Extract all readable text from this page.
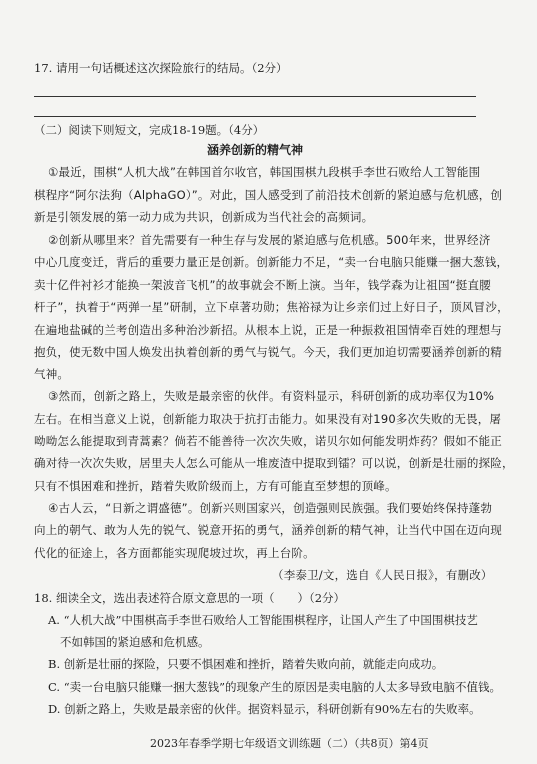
17. 请用一句话概述这次探险旅行的结局。（2分）
（二）阅读下则短文，完成18-19题。（4分）
涵养创新的精气神
①最近，围棋“人机大战”在韩国首尔收官，韩国围棋九段棋手李世石败给人工智能围
棋程序“阿尔法狗（AlphaGO）”。对此，国人感受到了前沿技术创新的紧迫感与危机感，创
新是引领发展的第一动力成为共识，创新成为当代社会的高频词。
②创新从哪里来？首先需要有一种生存与发展的紧迫感与危机感。500年来，世界经济
中心几度变迁，背后的重要力量正是创新。创新能力不足，“卖一台电脑只能赚一捆大葱钱，
卖十亿件衬衫才能换一架波音飞机”的故事就会不断上演。当年，钱学森为让祖国“挺直腰
杆子”，执着于“两弹一星”研制，立下卓著功勋；焦裕禄为让乡亲们过上好日子，顶风冒沙，
在遍地盐碱的兰考创造出多种治沙新招。从根本上说，正是一种振救祖国情牵百姓的理想与
抱负，使无数中国人焕发出执着创新的勇气与锐气。今天，我们更加迫切需要涵养创新的精
气神。
③然而，创新之路上，失败是最亲密的伙伴。有资料显示，科研创新的成功率仅为10%
左右。在相当意义上说，创新能力取决于抗打击能力。如果没有对190多次失败的无畏，屠
呦呦怎么能提取到青蒿素？倘若不能善待一次次失败，诺贝尔如何能发明炸药？假如不能正
确对待一次次失败，居里夫人怎么可能从一堆废渣中提取到镭？可以说，创新是壮丽的探险，
只有不惧困难和挫折，踏着失败阶级而上，方有可能直至梦想的顶峰。
④古人云，“日新之谓盛德”。创新兴则国家兴，创造强则民族强。我们要始终保持蓬勃
向上的朝气、敢为人先的锐气、锐意开拓的勇气，涵养创新的精气神，让当代中国在迈向现
代化的征途上，各方面都能实现爬坡过坎，再上台阶。
（李泰卫/文，选自《人民日报》，有删改）
18. 细读全文，选出表述符合原文意思的一项（　　）（2分）
A. “人机大战”中围棋高手李世石败给人工智能围棋程序，让国人产生了中国围棋技艺
不如韩国的紧迫感和危机感。
B. 创新是壮丽的探险，只要不惧困难和挫折，踏着失败向前，就能走向成功。
C. “卖一台电脑只能赚一捆大葱钱”的现象产生的原因是卖电脑的人太多导致电脑不值钱。
D. 创新之路上，失败是最亲密的伙伴。据资料显示，科研创新有90%左右的失败率。
2023年春季学期七年级语文训练题（二）（共8页）第4页
